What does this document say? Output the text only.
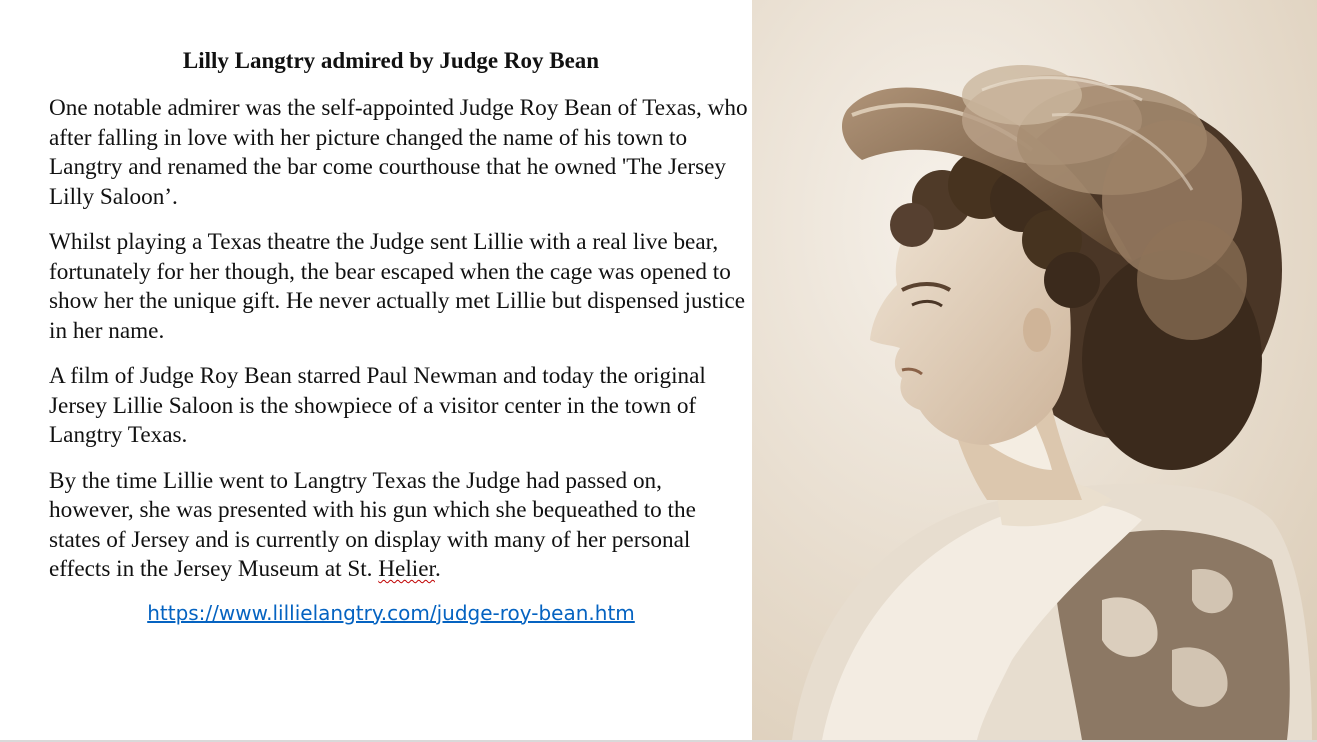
Lilly Langtry admired by Judge Roy Bean

One notable admirer was the self-appointed Judge Roy Bean of Texas, who after falling in love with her picture changed the name of his town to Langtry and renamed the bar come courthouse that he owned 'The Jersey Lilly Saloon’.

Whilst playing a Texas theatre the Judge sent Lillie with a real live bear, fortunately for her though, the bear escaped when the cage was opened to show her the unique gift. He never actually met Lillie but dispensed justice in her name.

A film of Judge Roy Bean starred Paul Newman and today the original Jersey Lillie Saloon is the showpiece of a visitor center in the town of Langtry Texas.

By the time Lillie went to Langtry Texas the Judge had passed on, however, she was presented with his gun which she bequeathed to the states of Jersey and is currently on display with many of her personal effects in the Jersey Museum at St. Helier.

https://www.lillielangtry.com/judge-roy-bean.htm
